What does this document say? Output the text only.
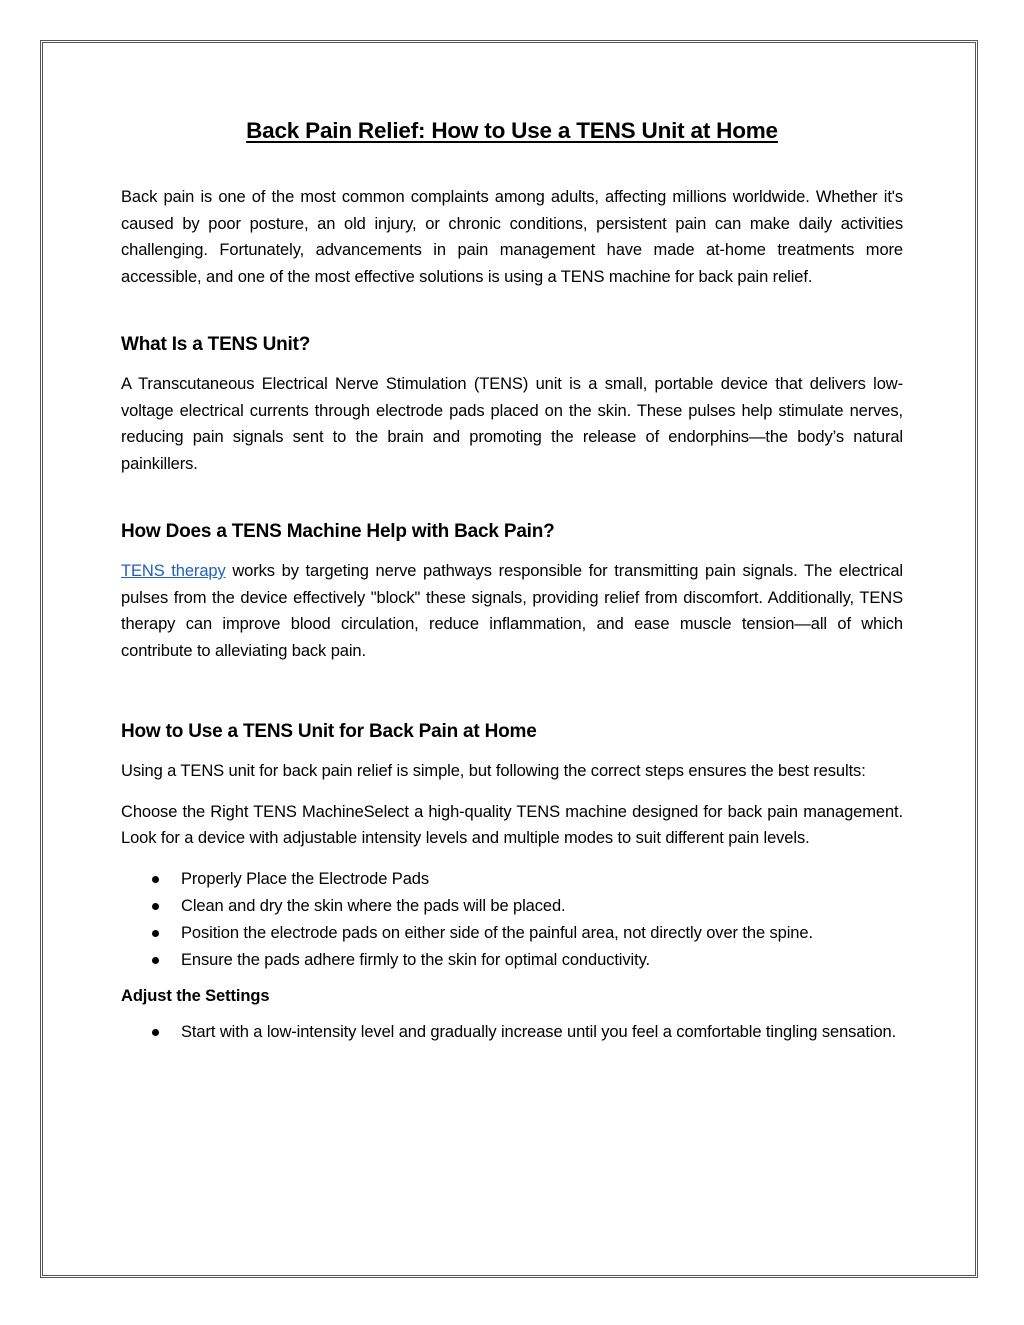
Back Pain Relief: How to Use a TENS Unit at Home

Back pain is one of the most common complaints among adults, affecting millions worldwide. Whether it's caused by poor posture, an old injury, or chronic conditions, persistent pain can make daily activities challenging. Fortunately, advancements in pain management have made at-home treatments more accessible, and one of the most effective solutions is using a TENS machine for back pain relief.

What Is a TENS Unit?

A Transcutaneous Electrical Nerve Stimulation (TENS) unit is a small, portable device that delivers low-voltage electrical currents through electrode pads placed on the skin. These pulses help stimulate nerves, reducing pain signals sent to the brain and promoting the release of endorphins—the body’s natural painkillers.

How Does a TENS Machine Help with Back Pain?

TENS therapy works by targeting nerve pathways responsible for transmitting pain signals. The electrical pulses from the device effectively "block" these signals, providing relief from discomfort. Additionally, TENS therapy can improve blood circulation, reduce inflammation, and ease muscle tension—all of which contribute to alleviating back pain.

How to Use a TENS Unit for Back Pain at Home

Using a TENS unit for back pain relief is simple, but following the correct steps ensures the best results:

Choose the Right TENS MachineSelect a high-quality TENS machine designed for back pain management. Look for a device with adjustable intensity levels and multiple modes to suit different pain levels.

Properly Place the Electrode Pads
Clean and dry the skin where the pads will be placed.
Position the electrode pads on either side of the painful area, not directly over the spine.
Ensure the pads adhere firmly to the skin for optimal conductivity.
Adjust the Settings
Start with a low-intensity level and gradually increase until you feel a comfortable tingling sensation.
